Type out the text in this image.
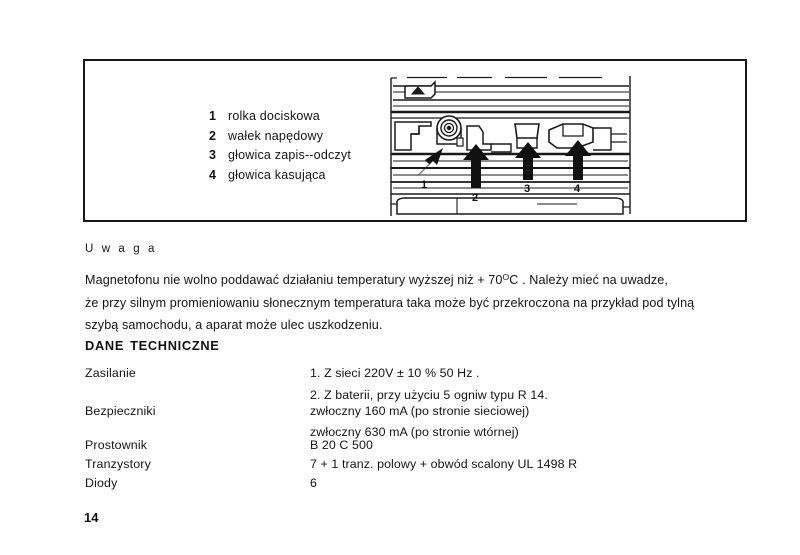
1 rolka dociskowa
2 wałek napędowy
3 głowica zapis--odczyt
4 głowica kasująca
1
2
3	4
U w a g a
Magnetofonu nie wolno poddawać działaniu temperatury wyższej niż + $70^OC$ . Należy mieć na uwadze,
że przy silnym promieniowaniu słonecznym temperatura taka może być przekroczona na przykład pod tylną
szybą samochodu, a aparat może ulec uszkodzeniu.
DANE TECHNICZNE
Zasilanie	1. Z sieci 220V ± 10 % 50 Hz .
2. Z baterii, przy użyciu 5 ogniw typu R 14.
Bezpieczniki	zwłoczny 160 mA (po stronie sieciowej)
zwłoczny 630 mA (po stronie wtórnej)
Prostownik	B 20 C 500
Tranzystory	7 + 1 tranz. polowy + obwód scalony UL 1498 R
Diody	6
14
